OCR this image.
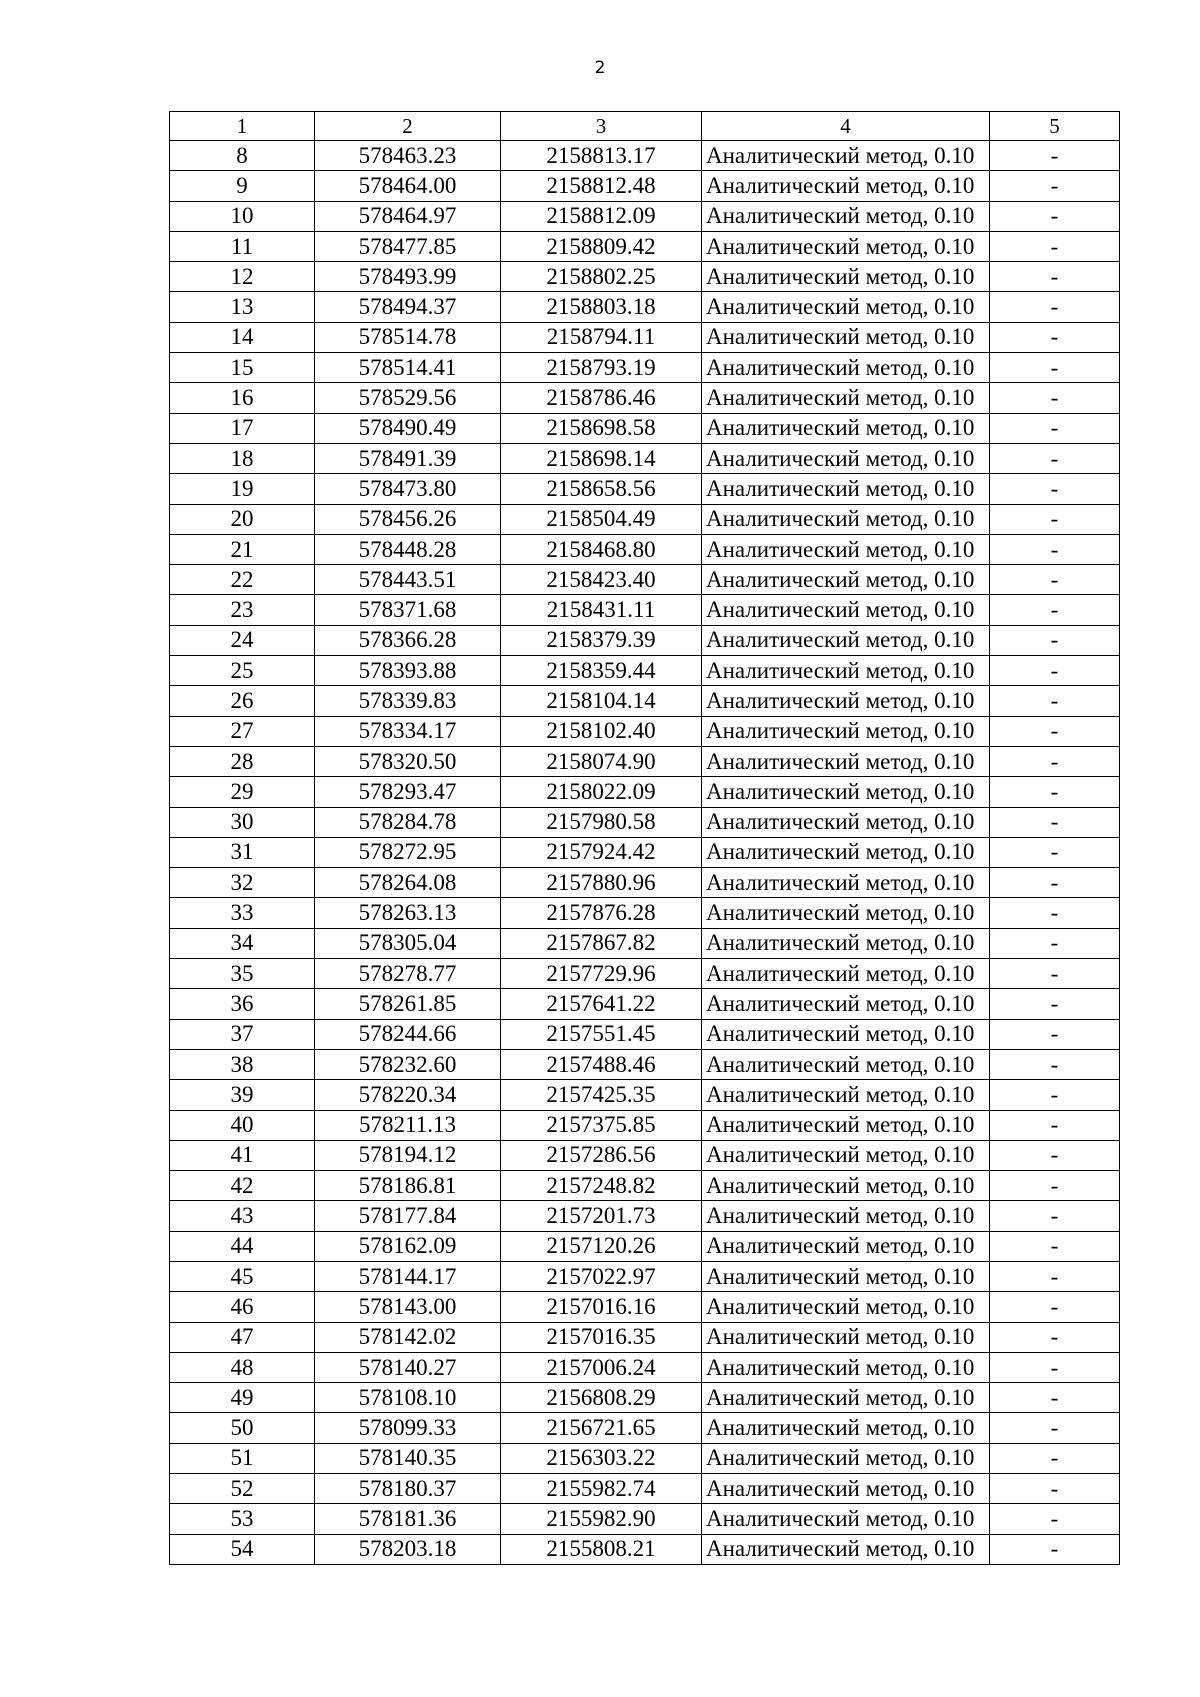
2
1	2	3	4	5
8	578463.23	2158813.17	Аналитический метод, 0.10	-
9	578464.00	2158812.48	Аналитический метод, 0.10	-
10	578464.97	2158812.09	Аналитический метод, 0.10	-
11	578477.85	2158809.42	Аналитический метод, 0.10	-
12	578493.99	2158802.25	Аналитический метод, 0.10	-
13	578494.37	2158803.18	Аналитический метод, 0.10	-
14	578514.78	2158794.11	Аналитический метод, 0.10	-
15	578514.41	2158793.19	Аналитический метод, 0.10	-
16	578529.56	2158786.46	Аналитический метод, 0.10	-
17	578490.49	2158698.58	Аналитический метод, 0.10	-
18	578491.39	2158698.14	Аналитический метод, 0.10	-
19	578473.80	2158658.56	Аналитический метод, 0.10	-
20	578456.26	2158504.49	Аналитический метод, 0.10	-
21	578448.28	2158468.80	Аналитический метод, 0.10	-
22	578443.51	2158423.40	Аналитический метод, 0.10	-
23	578371.68	2158431.11	Аналитический метод, 0.10	-
24	578366.28	2158379.39	Аналитический метод, 0.10	-
25	578393.88	2158359.44	Аналитический метод, 0.10	-
26	578339.83	2158104.14	Аналитический метод, 0.10	-
27	578334.17	2158102.40	Аналитический метод, 0.10	-
28	578320.50	2158074.90	Аналитический метод, 0.10	-
29	578293.47	2158022.09	Аналитический метод, 0.10	-
30	578284.78	2157980.58	Аналитический метод, 0.10	-
31	578272.95	2157924.42	Аналитический метод, 0.10	-
32	578264.08	2157880.96	Аналитический метод, 0.10	-
33	578263.13	2157876.28	Аналитический метод, 0.10	-
34	578305.04	2157867.82	Аналитический метод, 0.10	-
35	578278.77	2157729.96	Аналитический метод, 0.10	-
36	578261.85	2157641.22	Аналитический метод, 0.10	-
37	578244.66	2157551.45	Аналитический метод, 0.10	-
38	578232.60	2157488.46	Аналитический метод, 0.10	-
39	578220.34	2157425.35	Аналитический метод, 0.10	-
40	578211.13	2157375.85	Аналитический метод, 0.10	-
41	578194.12	2157286.56	Аналитический метод, 0.10	-
42	578186.81	2157248.82	Аналитический метод, 0.10	-
43	578177.84	2157201.73	Аналитический метод, 0.10	-
44	578162.09	2157120.26	Аналитический метод, 0.10	-
45	578144.17	2157022.97	Аналитический метод, 0.10	-
46	578143.00	2157016.16	Аналитический метод, 0.10	-
47	578142.02	2157016.35	Аналитический метод, 0.10	-
48	578140.27	2157006.24	Аналитический метод, 0.10	-
49	578108.10	2156808.29	Аналитический метод, 0.10	-
50	578099.33	2156721.65	Аналитический метод, 0.10	-
51	578140.35	2156303.22	Аналитический метод, 0.10	-
52	578180.37	2155982.74	Аналитический метод, 0.10	-
53	578181.36	2155982.90	Аналитический метод, 0.10	-
54	578203.18	2155808.21	Аналитический метод, 0.10	-
